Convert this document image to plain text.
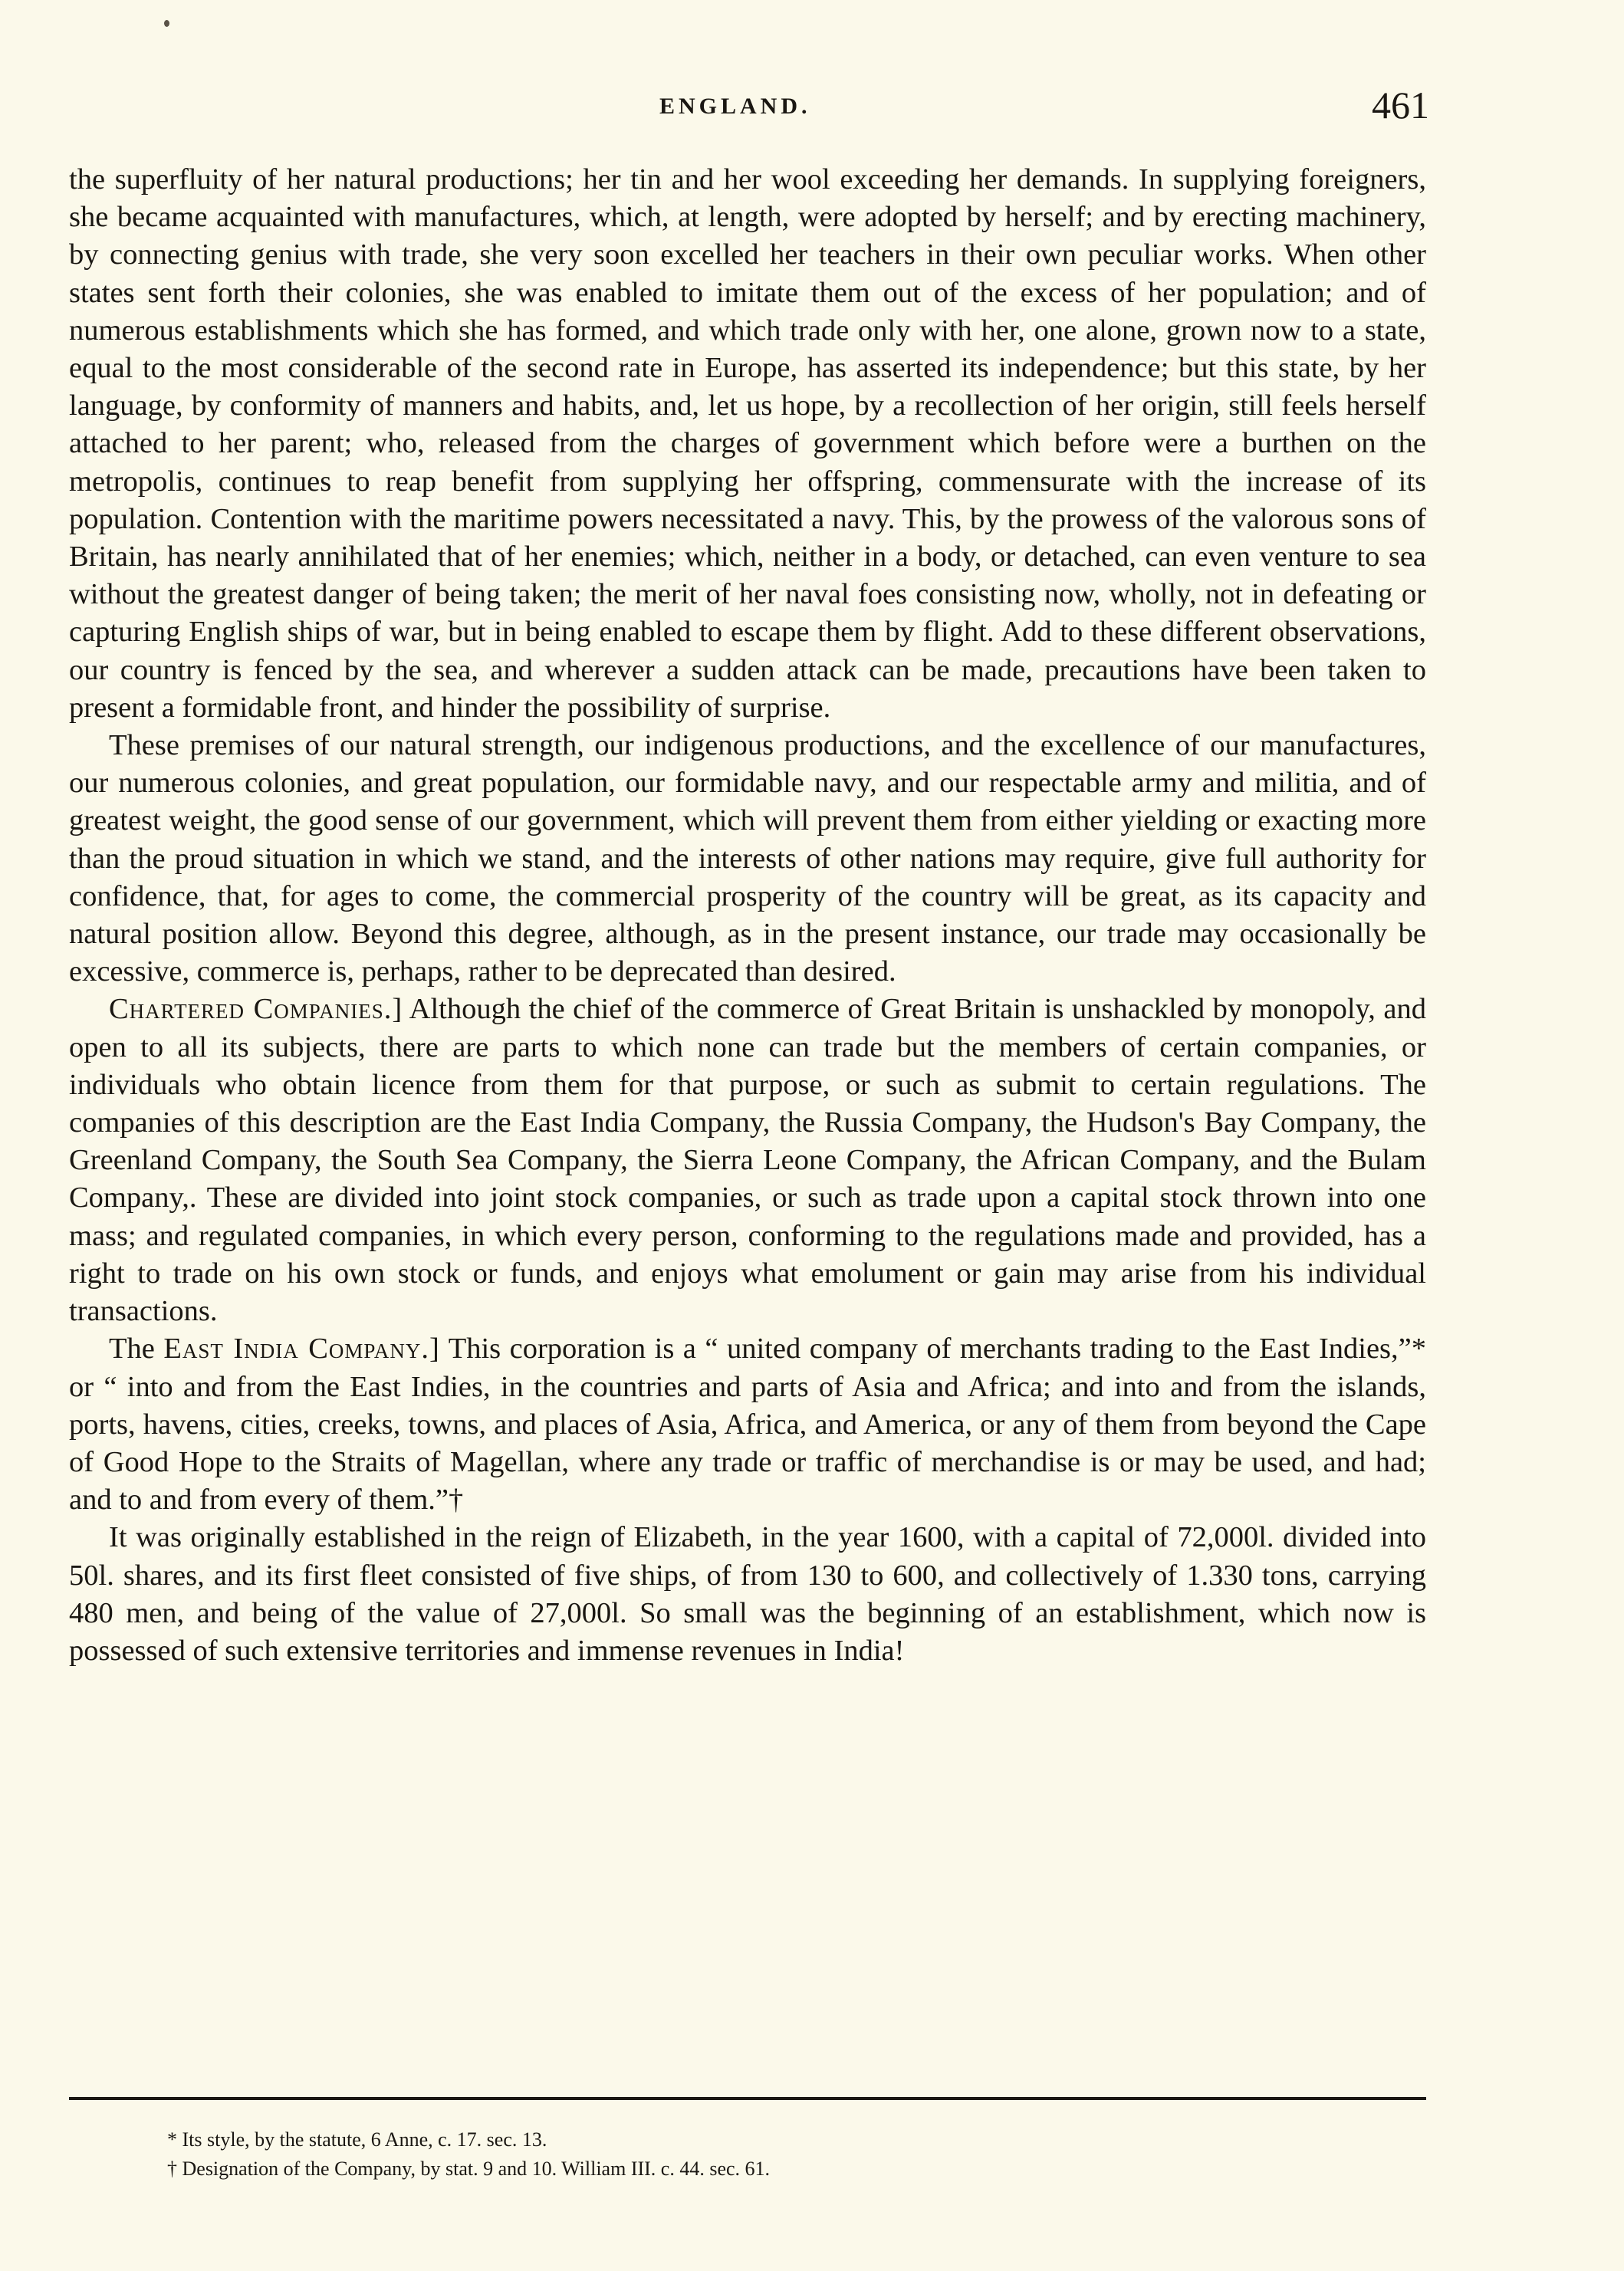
ENGLAND.	461

the superfluity of her natural productions; her tin and her wool exceeding her demands. In supplying foreigners, she became acquainted with manufactures, which, at length, were adopted by herself; and by erecting machinery, by connecting genius with trade, she very soon excelled her teachers in their own peculiar works. When other states sent forth their colonies, she was enabled to imitate them out of the excess of her population; and of numerous establishments which she has formed, and which trade only with her, one alone, grown now to a state, equal to the most considerable of the second rate in Europe, has asserted its independence; but this state, by her language, by conformity of manners and habits, and, let us hope, by a recollection of her origin, still feels herself attached to her parent; who, released from the charges of government which before were a burthen on the metropolis, continues to reap benefit from supplying her offspring, commensurate with the increase of its population. Contention with the maritime powers necessitated a navy. This, by the prowess of the valorous sons of Britain, has nearly annihilated that of her enemies; which, neither in a body, or detached, can even venture to sea without the greatest danger of being taken; the merit of her naval foes consisting now, wholly, not in defeating or capturing English ships of war, but in being enabled to escape them by flight. Add to these different observations, our country is fenced by the sea, and wherever a sudden attack can be made, precautions have been taken to present a formidable front, and hinder the possibility of surprise.

These premises of our natural strength, our indigenous productions, and the excellence of our manufactures, our numerous colonies, and great population, our formidable navy, and our respectable army and militia, and of greatest weight, the good sense of our government, which will prevent them from either yielding or exacting more than the proud situation in which we stand, and the interests of other nations may require, give full authority for confidence, that, for ages to come, the commercial prosperity of the country will be great, as its capacity and natural position allow. Beyond this degree, although, as in the present instance, our trade may occasionally be excessive, commerce is, perhaps, rather to be deprecated than desired.

Chartered Companies.] Although the chief of the commerce of Great Britain is unshackled by monopoly, and open to all its subjects, there are parts to which none can trade but the members of certain companies, or individuals who obtain licence from them for that purpose, or such as submit to certain regulations. The companies of this description are the East India Company, the Russia Company, the Hudson's Bay Company, the Greenland Company, the South Sea Company, the Sierra Leone Company, the African Company, and the Bulam Company,. These are divided into joint stock companies, or such as trade upon a capital stock thrown into one mass; and regulated companies, in which every person, conforming to the regulations made and provided, has a right to trade on his own stock or funds, and enjoys what emolument or gain may arise from his individual transactions.

The East India Company.] This corporation is a “ united company of merchants trading to the East Indies,”* or “ into and from the East Indies, in the countries and parts of Asia and Africa; and into and from the islands, ports, havens, cities, creeks, towns, and places of Asia, Africa, and America, or any of them from beyond the Cape of Good Hope to the Straits of Magellan, where any trade or traffic of merchandise is or may be used, and had; and to and from every of them.”†

It was originally established in the reign of Elizabeth, in the year 1600, with a capital of 72,000l. divided into 50l. shares, and its first fleet consisted of five ships, of from 130 to 600, and collectively of 1.330 tons, carrying 480 men, and being of the value of 27,000l. So small was the beginning of an establishment, which now is possessed of such extensive territories and immense revenues in India!

* Its style, by the statute, 6 Anne, c. 17. sec. 13.

† Designation of the Company, by stat. 9 and 10. William III. c. 44. sec. 61.
